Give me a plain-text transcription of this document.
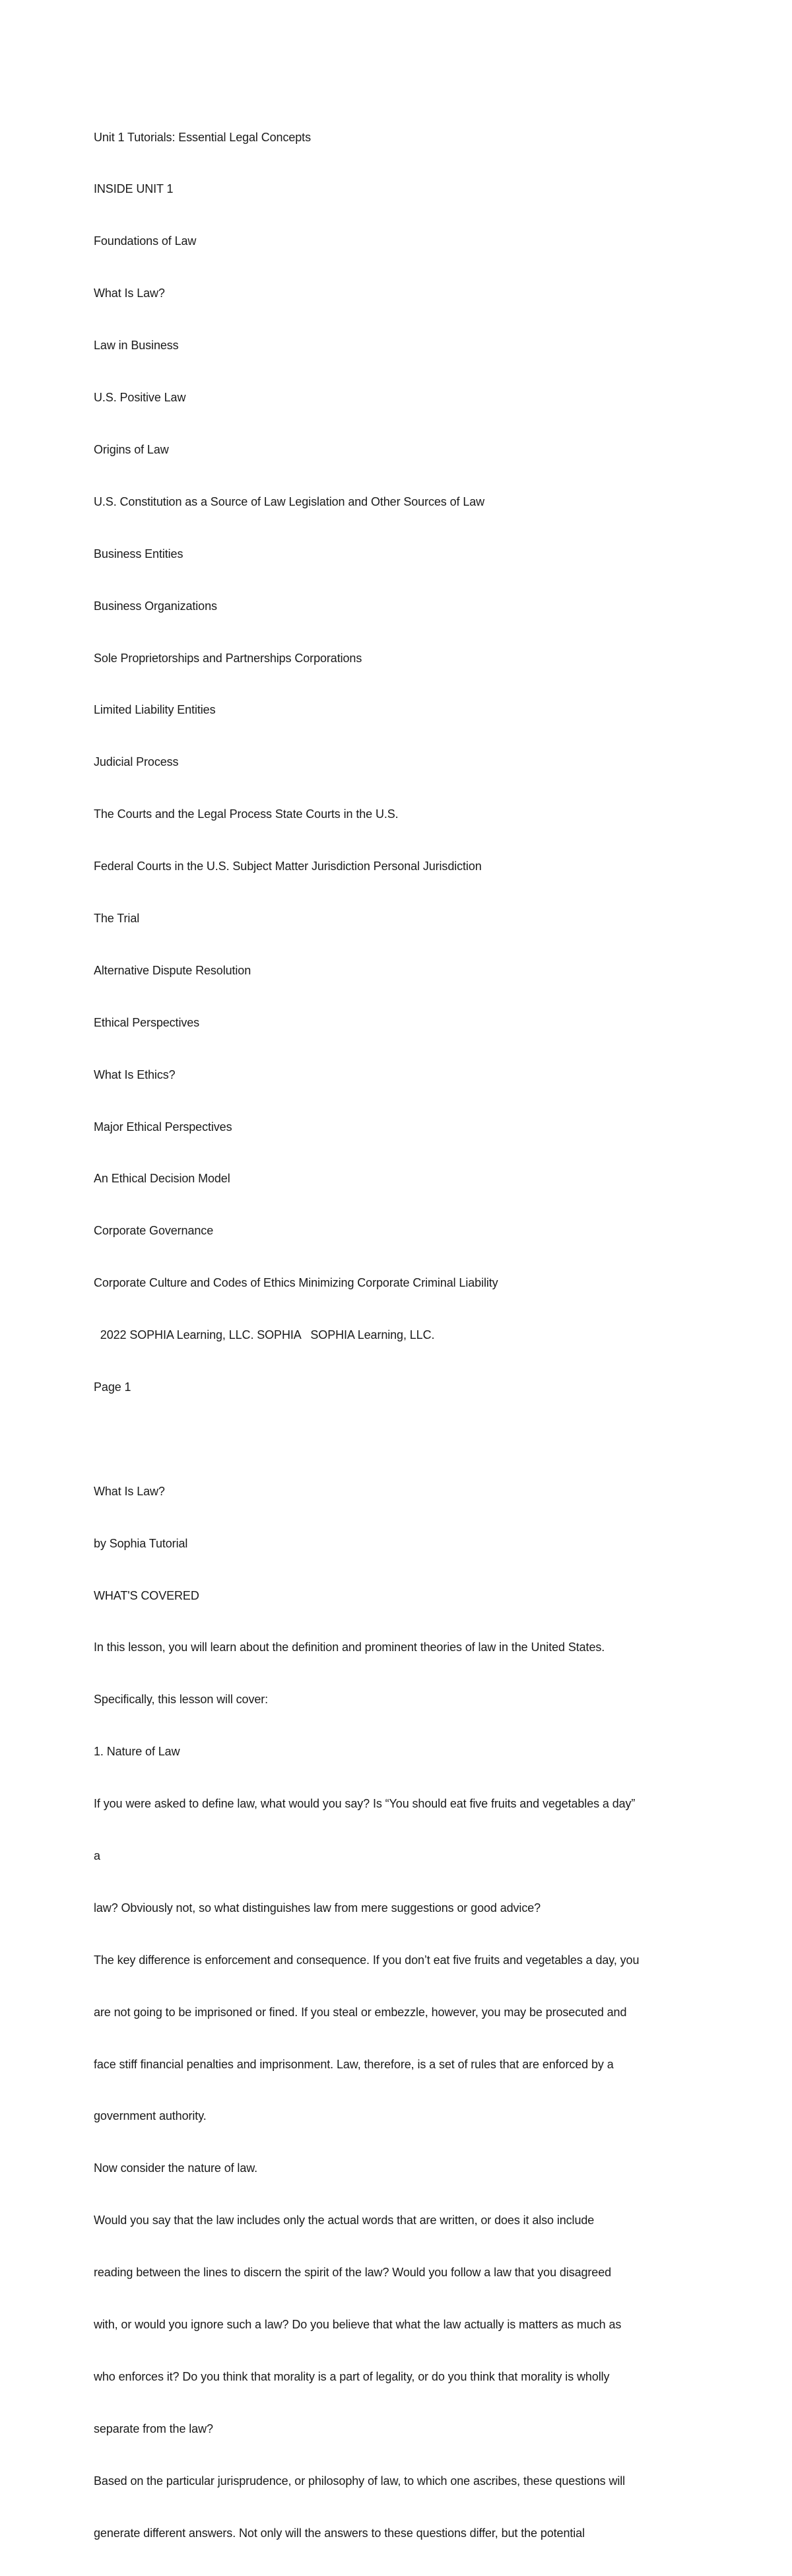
Unit 1 Tutorials: Essential Legal Concepts

INSIDE UNIT 1

Foundations of Law

What Is Law?

Law in Business

U.S. Positive Law

Origins of Law

U.S. Constitution as a Source of Law Legislation and Other Sources of Law

Business Entities

Business Organizations

Sole Proprietorships and Partnerships Corporations

Limited Liability Entities

Judicial Process

The Courts and the Legal Process State Courts in the U.S.

Federal Courts in the U.S. Subject Matter Jurisdiction Personal Jurisdiction

The Trial

Alternative Dispute Resolution

Ethical Perspectives

What Is Ethics?

Major Ethical Perspectives

An Ethical Decision Model

Corporate Governance

Corporate Culture and Codes of Ethics Minimizing Corporate Criminal Liability

2022 SOPHIA Learning, LLC. SOPHIA   SOPHIA Learning, LLC.

Page 1

What Is Law?

by Sophia Tutorial

WHAT'S COVERED

In this lesson, you will learn about the definition and prominent theories of law in the United States.

Specifically, this lesson will cover:

1. Nature of Law

If you were asked to define law, what would you say? Is “You should eat five fruits and vegetables a day”

a

law? Obviously not, so what distinguishes law from mere suggestions or good advice?

The key difference is enforcement and consequence. If you don’t eat five fruits and vegetables a day, you

are not going to be imprisoned or fined. If you steal or embezzle, however, you may be prosecuted and

face stiff financial penalties and imprisonment. Law, therefore, is a set of rules that are enforced by a

government authority.

Now consider the nature of law.

Would you say that the law includes only the actual words that are written, or does it also include

reading between the lines to discern the spirit of the law? Would you follow a law that you disagreed

with, or would you ignore such a law? Do you believe that what the law actually is matters as much as

who enforces it? Do you think that morality is a part of legality, or do you think that morality is wholly

separate from the law?

Based on the particular jurisprudence, or philosophy of law, to which one ascribes, these questions will

generate different answers. Not only will the answers to these questions differ, but the potential
